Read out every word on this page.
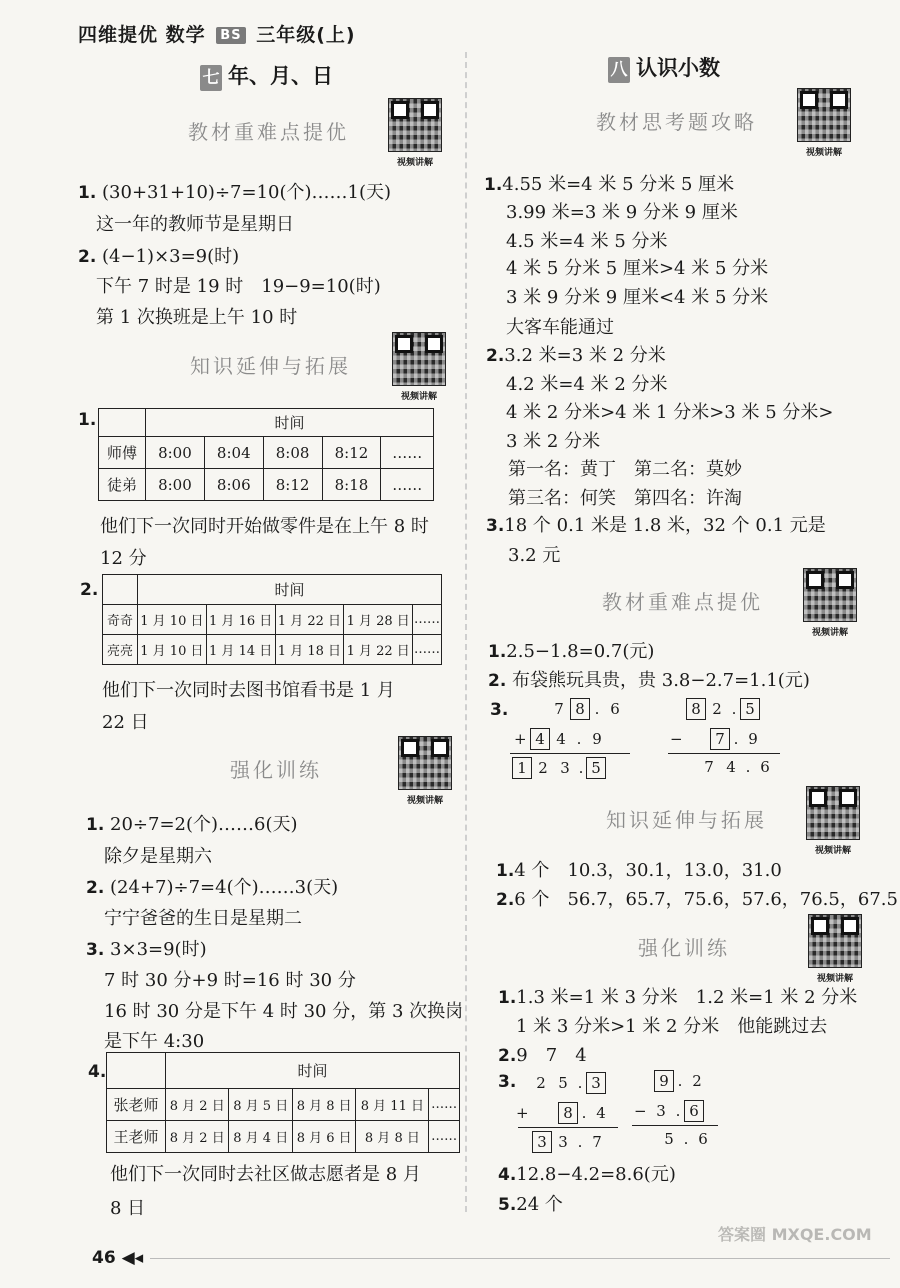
四维提优 数学 BS 三年级(上)
七 年、月、日
教材重难点提优
视频讲解
1. (30+31+10)÷7=10(个)……1(天)
这一年的教师节是星期日
2. (4−1)×3=9(时)
下午 7 时是 19 时　19−9=10(时)
第 1 次换班是上午 10 时
知识延伸与拓展
视频讲解
1.
		时间				
师傅	8:00	8:04	8:08	8:12	……
徒弟	8:00	8:06	8:12	8:18	……
他们下一次同时开始做零件是在上午 8 时
12 分
2.
		时间				
奇奇	1 月 10 日	1 月 16 日	1 月 22 日	1 月 28 日	……
亮亮	1 月 10 日	1 月 14 日	1 月 18 日	1 月 22 日	……
他们下一次同时去图书馆看书是 1 月
22 日
强化训练
视频讲解
1. 20÷7=2(个)……6(天)
除夕是星期六
2. (24+7)÷7=4(个)……3(天)
宁宁爸爸的生日是星期二
3. 3×3=9(时)
7 时 30 分+9 时=16 时 30 分
16 时 30 分是下午 4 时 30 分，第 3 次换岗
是下午 4:30
4.
		时间				
张老师	8 月 2 日	8 月 5 日	8 月 8 日	8 月 11 日	……
王老师	8 月 2 日	8 月 4 日	8 月 6 日	8 月 8 日	……
他们下一次同时去社区做志愿者是 8 月
8 日
八 认识小数
教材思考题攻略
视频讲解
1.4.55 米=4 米 5 分米 5 厘米
3.99 米=3 米 9 分米 9 厘米
4.5 米=4 米 5 分米
4 米 5 分米 5 厘米>4 米 5 分米
3 米 9 分米 9 厘米<4 米 5 分米
大客车能通过
2.3.2 米=3 米 2 分米
4.2 米=4 米 2 分米
4 米 2 分米>4 米 1 分米>3 米 5 分米>
3 米 2 分米
第一名：黄丁　第二名：莫妙
第三名：何笑　第四名：许淘
3.18 个 0.1 米是 1.8 米，32 个 0.1 元是
3.2 元
教材重难点提优
视频讲解
1.2.5−1.8=0.7(元)
2. 布袋熊玩具贵，贵 3.8−2.7=1.1(元)
3.	7 8 . 6
+ 4 4 . 9
1 2 3 . 5
8 2 . 5
− 7 . 9
7 4 . 6
知识延伸与拓展
视频讲解
1.4 个　10.3，30.1，13.0，31.0
2.6 个　56.7，65.7，75.6，57.6，76.5，67.5
强化训练
视频讲解
1.1.3 米=1 米 3 分米　1.2 米=1 米 2 分米
1 米 3 分米>1 米 2 分米　他能跳过去
2.9　7　4
3.	2 5 . 3
+ 8 . 4
3 3 . 7
9 . 2
− 3 . 6
5 . 6
4.12.8−4.2=8.6(元)
5.24 个
46 ◀◂
答案圈 MXQE.COM
